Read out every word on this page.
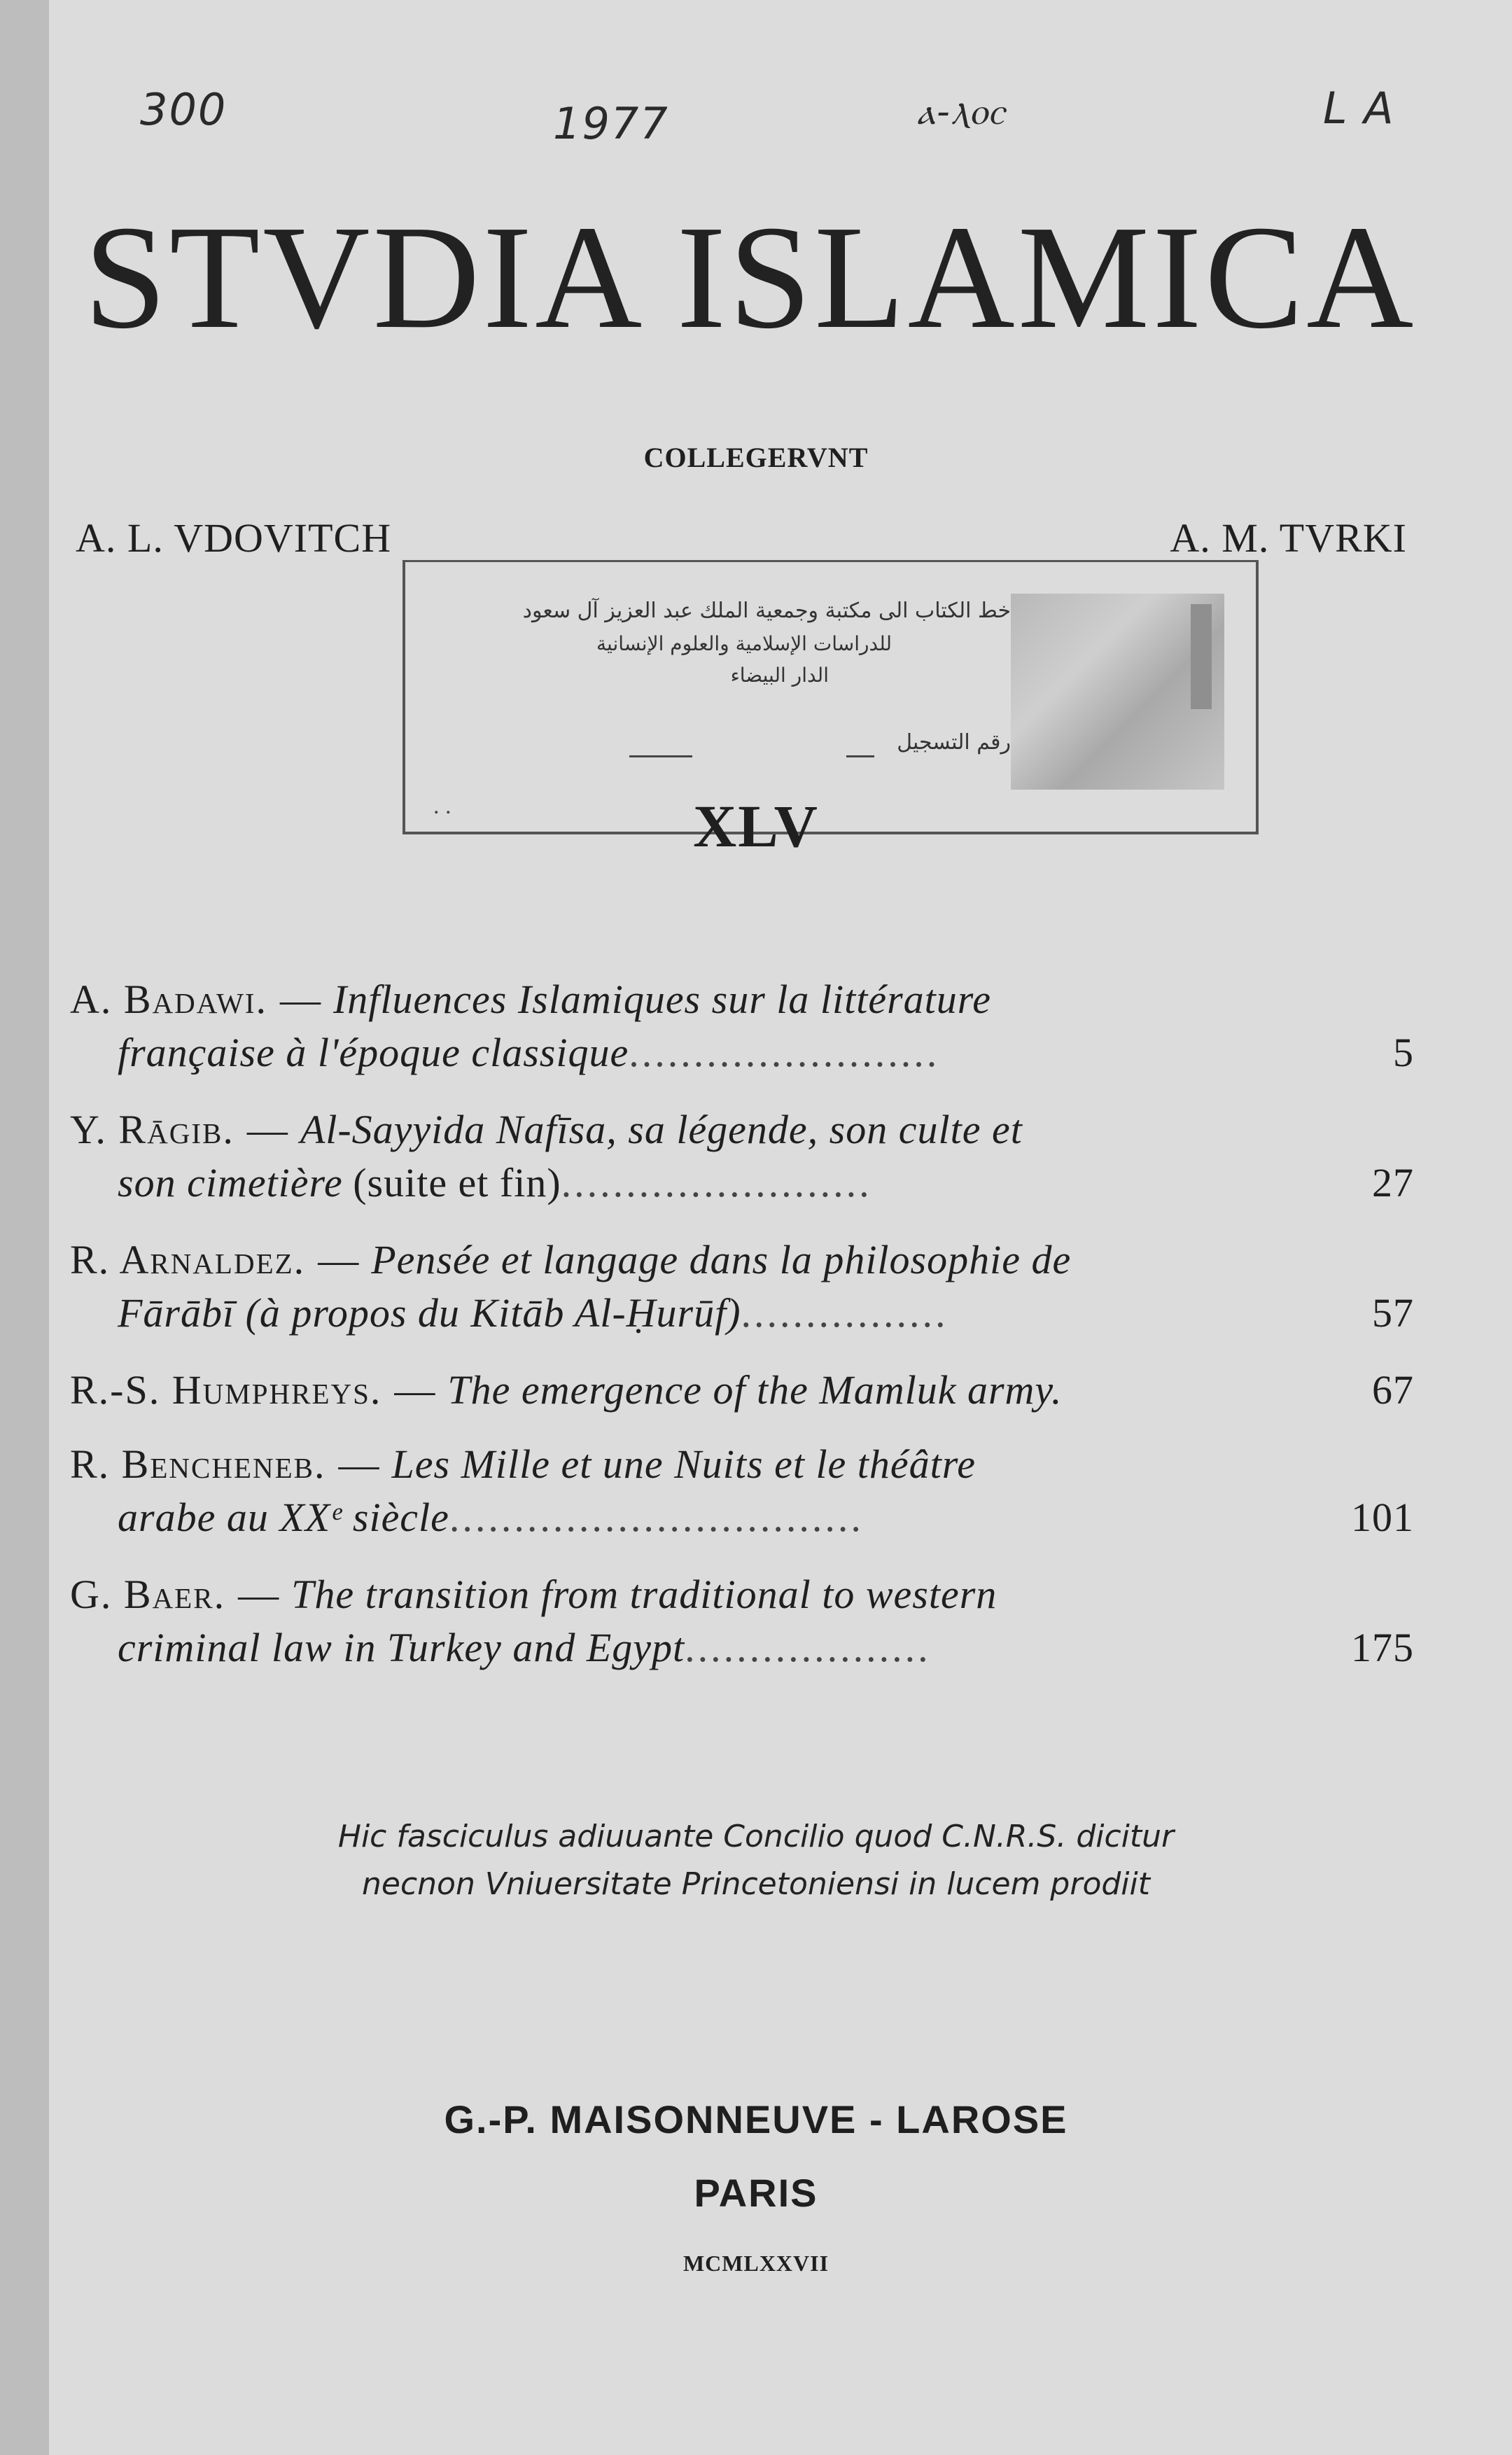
300	1977	ⲁ-ⲗⲟⲥ	L A
STVDIA ISLAMICA
COLLEGERVNT
A. L. VDOVITCH	A. M. TVRKI
خط الكتاب الى مكتبة وجمعية الملك عبد العزيز آل سعود
للدراسات الإسلامية والعلوم الإنسانية
الدار البيضاء
رقم التسجيل
. .	XLV
A. Badawi. — Influences Islamiques sur la littérature
française à l'époque classique........................	5
Y. Rāgib. — Al-Sayyida Nafīsa, sa légende, son culte et
son cimetière (suite et fin)........................	27
R. Arnaldez. — Pensée et langage dans la philosophie de
Fārābī (à propos du Kitāb Al-Ḥurūf)................	57
R.-S. Humphreys. — The emergence of the Mamluk army.	67
R. Bencheneb. — Les Mille et une Nuits et le théâtre
arabe au XXᵉ siècle................................	101
G. Baer. — The transition from traditional to western
criminal law in Turkey and Egypt...................	175
Hic fasciculus adiuuante Concilio quod C.N.R.S. dicitur
necnon Vniuersitate Princetoniensi in lucem prodiit
G.-P. MAISONNEUVE - LAROSE
PARIS
MCMLXXVII
